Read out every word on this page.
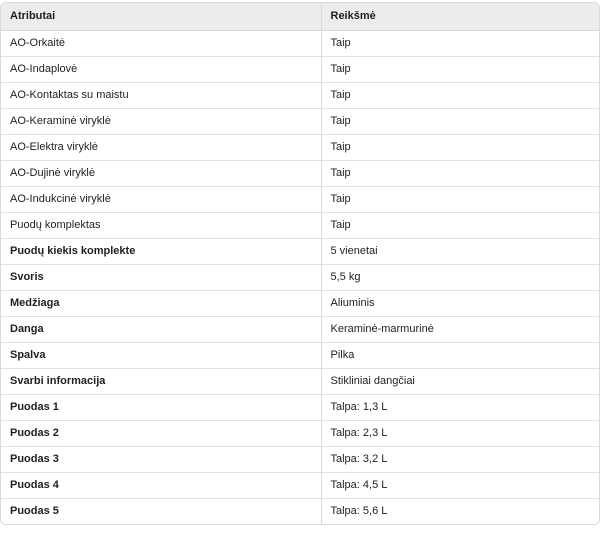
Atributai	Reikšmė
AO-Orkaitė	Taip
AO-Indaplovė	Taip
AO-Kontaktas su maistu	Taip
AO-Keraminė viryklė	Taip
AO-Elektra viryklė	Taip
AO-Dujinė viryklė	Taip
AO-Indukcinė viryklė	Taip
Puodų komplektas	Taip
Puodų kiekis komplekte	5 vienetai
Svoris	5,5 kg
Medžiaga	Aliuminis
Danga	Keraminė-marmurinė
Spalva	Pilka
Svarbi informacija	Stikliniai dangčiai
Puodas 1	Talpa: 1,3 L
Puodas 2	Talpa: 2,3 L
Puodas 3	Talpa: 3,2 L
Puodas 4	Talpa: 4,5 L
Puodas 5	Talpa: 5,6 L
